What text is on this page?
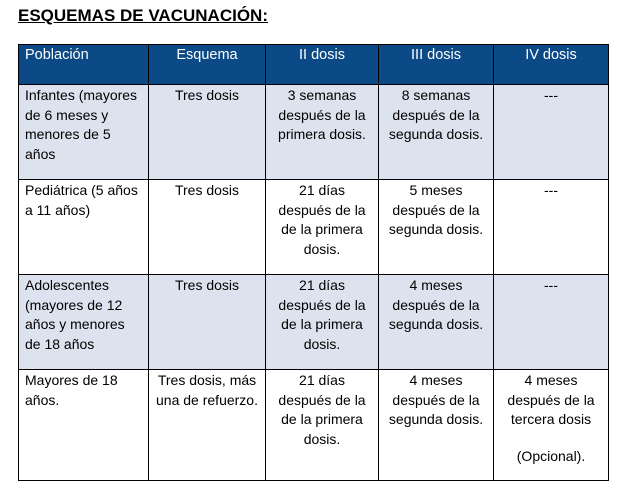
ESQUEMAS DE VACUNACIÓN:
Población	Esquema	II dosis	III dosis	IV dosis
Infantes (mayores de 6 meses y menores de 5 años	Tres dosis	3 semanas después de la primera dosis.	8 semanas después de la segunda dosis.	---
Pediátrica (5 años a 11 años)	Tres dosis	21 días después de la de la primera dosis.	5 meses después de la segunda dosis.	---
Adolescentes (mayores de 12 años y menores de 18 años	Tres dosis	21 días después de la de la primera dosis.	4 meses después de la segunda dosis.	---
Mayores de 18 años.	Tres dosis, más una de refuerzo.	21 días después de la de la primera dosis.	4 meses después de la segunda dosis.	4 meses después de la tercera dosis
(Opcional).
